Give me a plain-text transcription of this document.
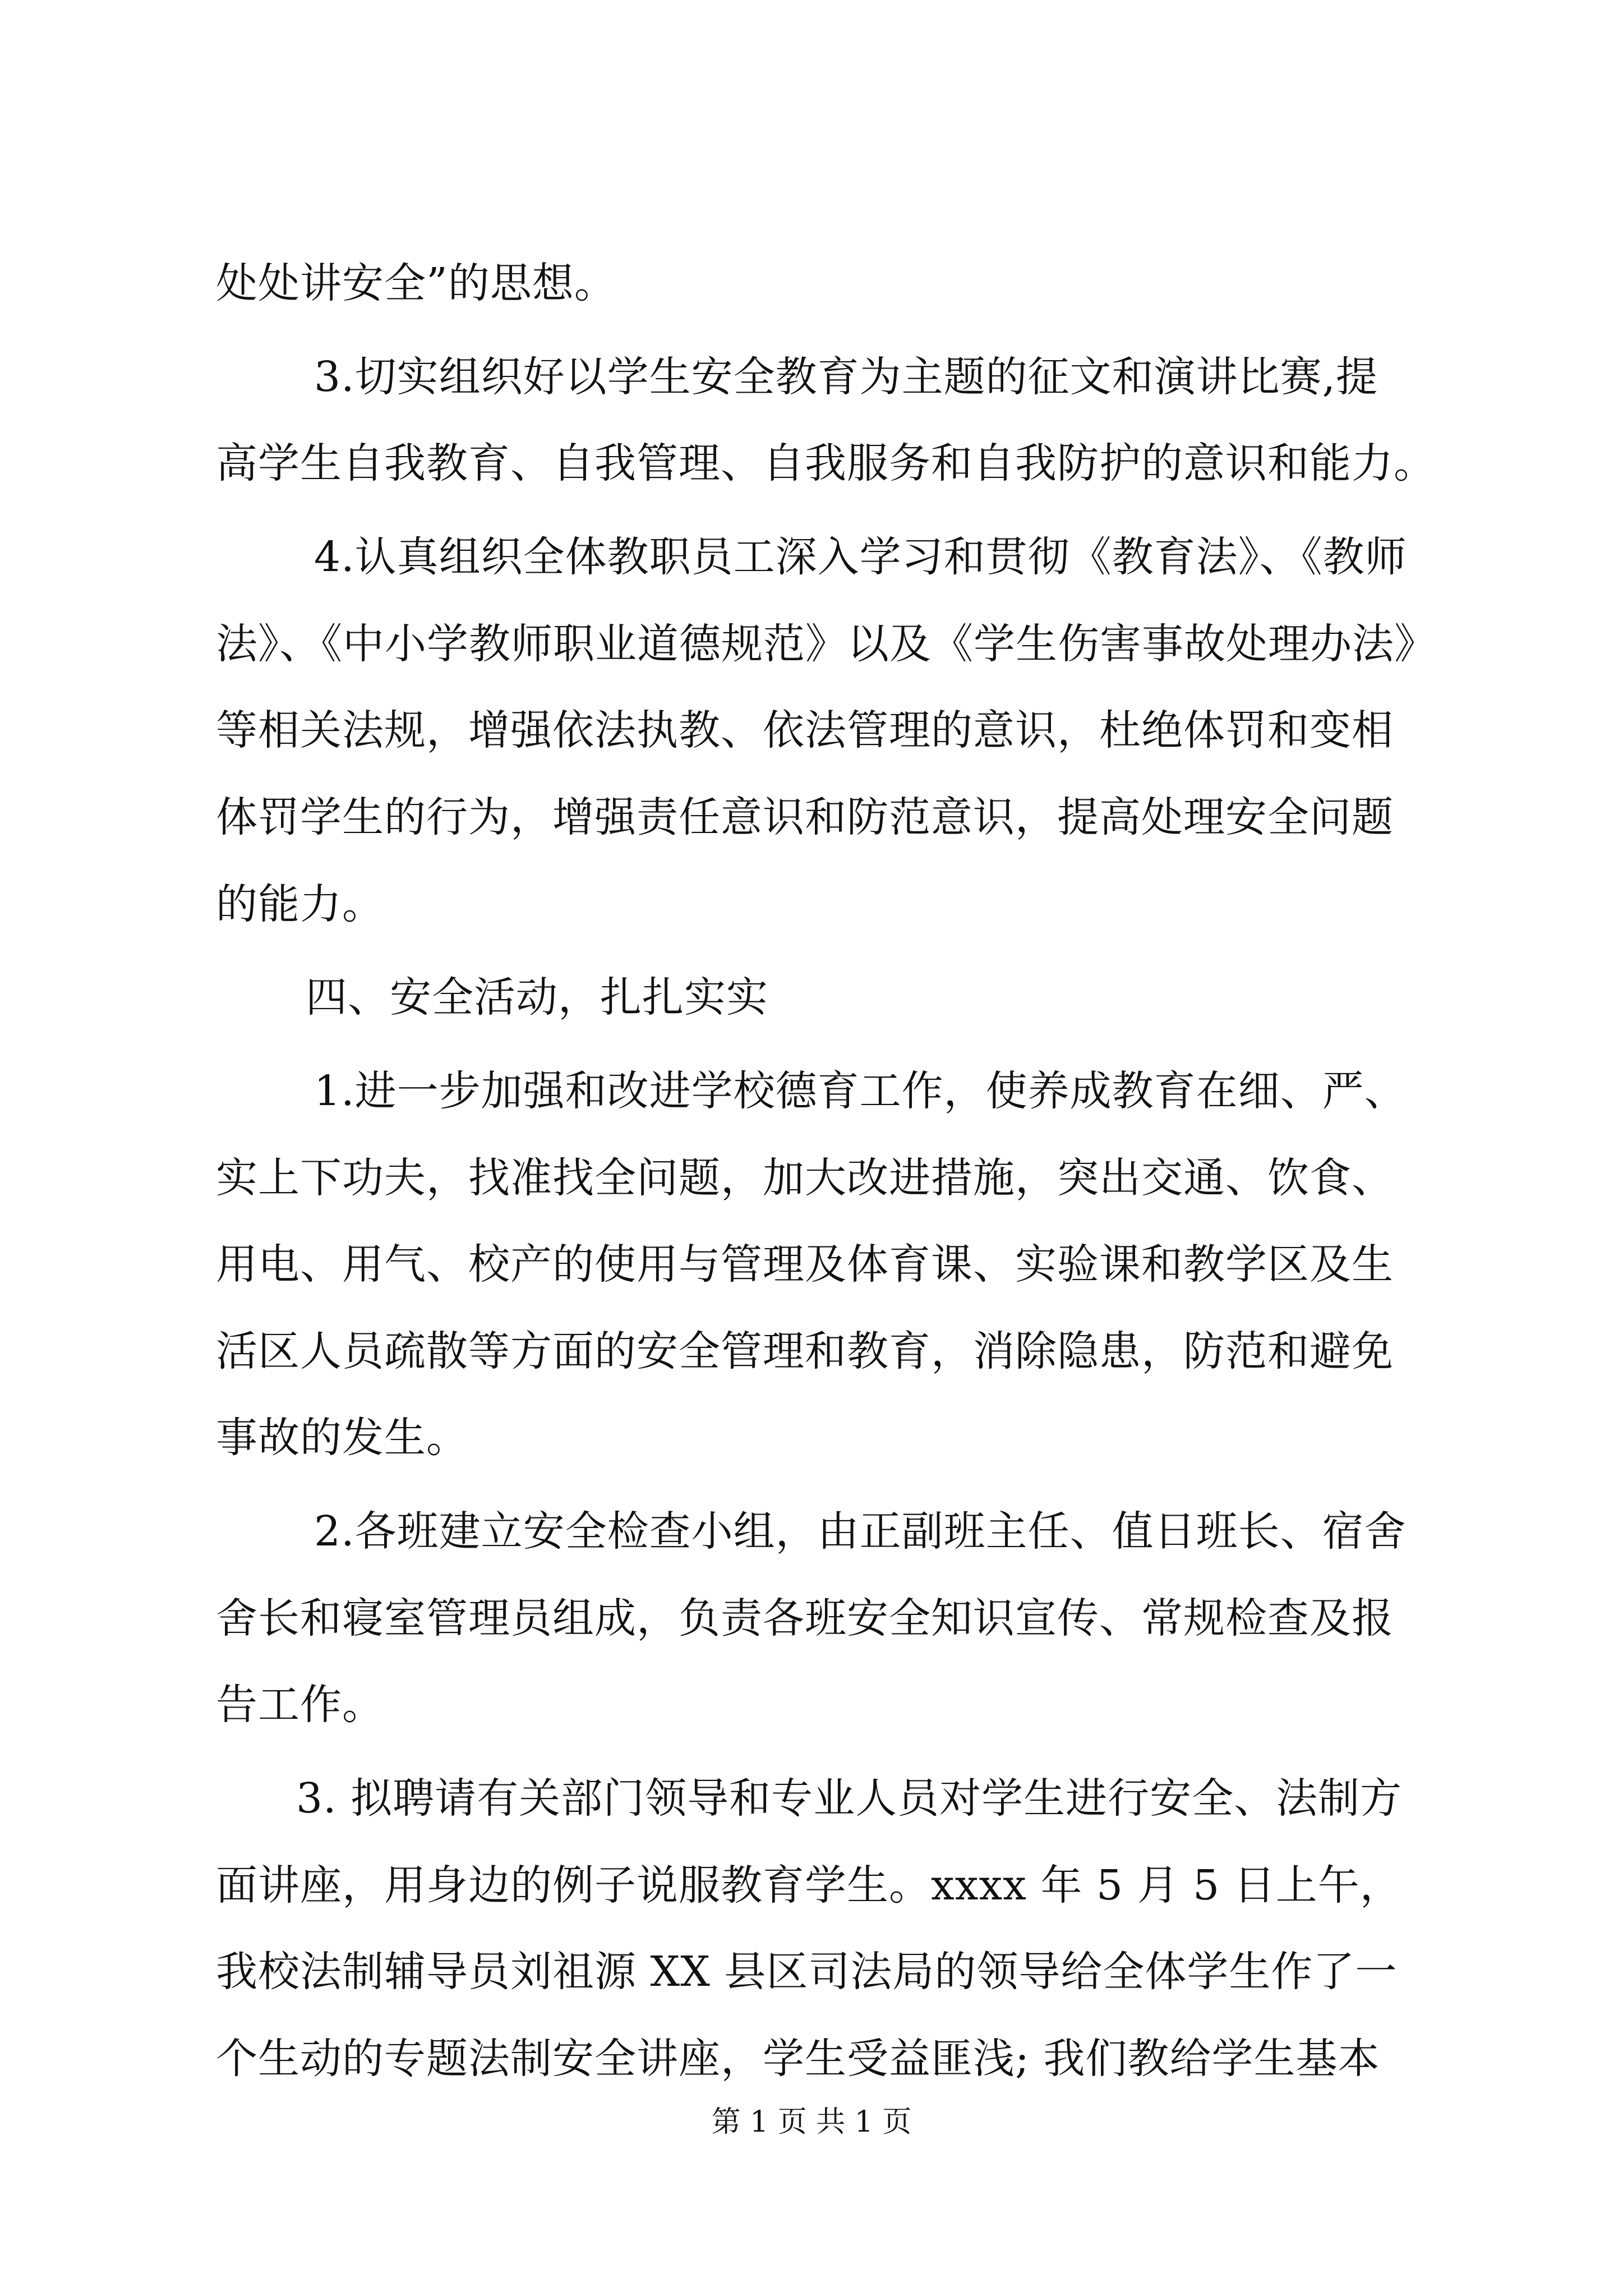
处处讲安全”的思想。
3.切实组织好以学生安全教育为主题的征文和演讲比赛,提
高学生自我教育、自我管理、自我服务和自我防护的意识和能力。
4.认真组织全体教职员工深入学习和贯彻《教育法》、《教师
法》、《中小学教师职业道德规范》以及《学生伤害事故处理办法》
等相关法规，增强依法执教、依法管理的意识，杜绝体罚和变相
体罚学生的行为，增强责任意识和防范意识，提高处理安全问题
的能力。
四、安全活动，扎扎实实
1.进一步加强和改进学校德育工作，使养成教育在细、严、
实上下功夫，找准找全问题，加大改进措施，突出交通、饮食、
用电、用气、校产的使用与管理及体育课、实验课和教学区及生
活区人员疏散等方面的安全管理和教育，消除隐患，防范和避免
事故的发生。
2.各班建立安全检查小组，由正副班主任、值日班长、宿舍
舍长和寝室管理员组成，负责各班安全知识宣传、常规检查及报
告工作。
3. 拟聘请有关部门领导和专业人员对学生进行安全、法制方
面讲座，用身边的例子说服教育学生。xxxx 年 5 月 5 日上午，
我校法制辅导员刘祖源 XX 县区司法局的领导给全体学生作了一
个生动的专题法制安全讲座，学生受益匪浅; 我们教给学生基本
第 1 页 共 1 页
